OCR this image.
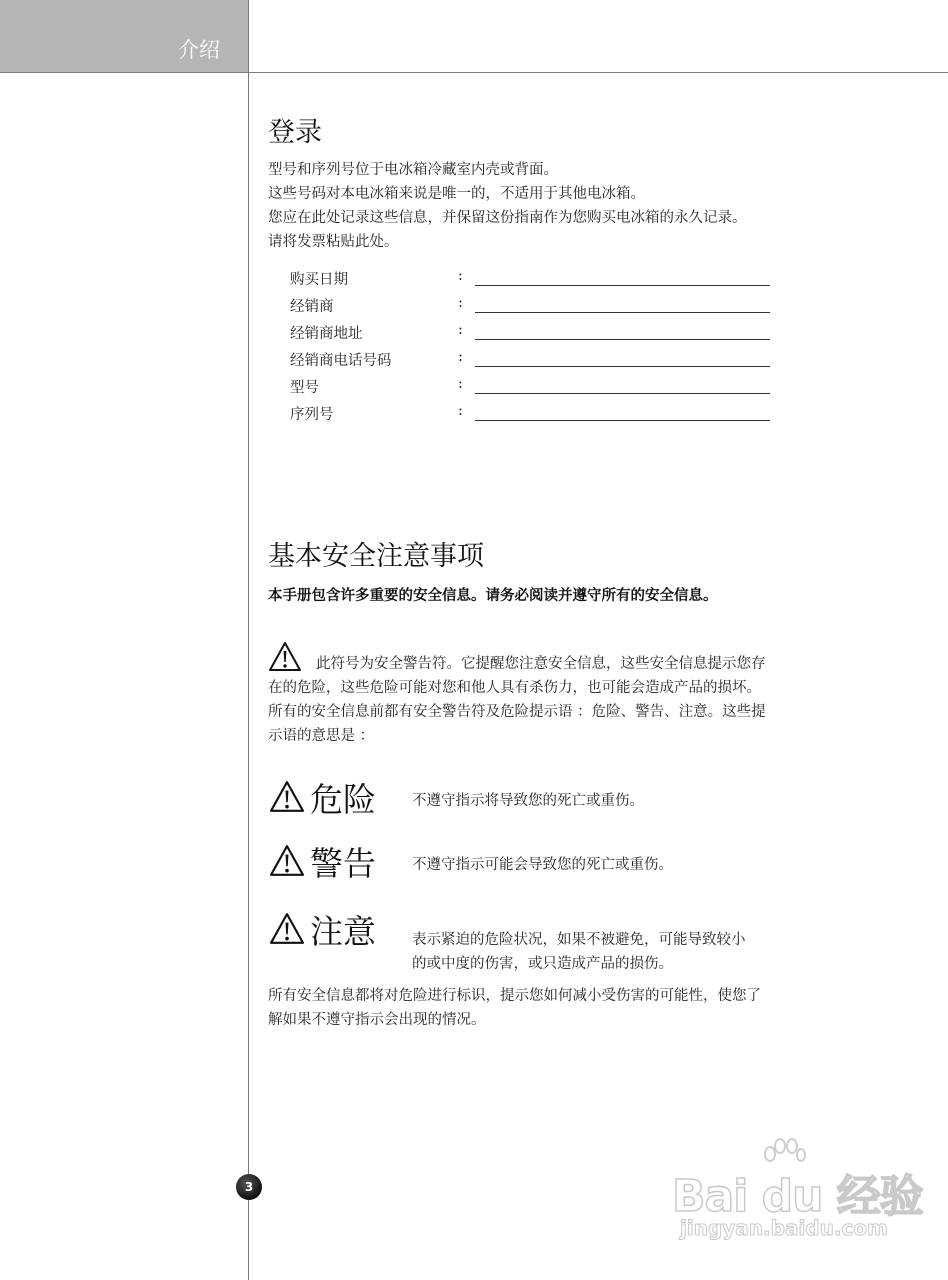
介绍
登录
型号和序列号位于电冰箱冷藏室内壳或背面。
这些号码对本电冰箱来说是唯一的，不适用于其他电冰箱。
您应在此处记录这些信息，并保留这份指南作为您购买电冰箱的永久记录。
请将发票粘贴此处。
购买日期	:
经销商	:
经销商地址	:
经销商电话号码	:
型号	:
序列号	:
基本安全注意事项
本手册包含许多重要的安全信息。请务必阅读并遵守所有的安全信息。
此符号为安全警告符。它提醒您注意安全信息，这些安全信息提示您存
在的危险，这些危险可能对您和他人具有杀伤力，也可能会造成产品的损坏。
所有的安全信息前都有安全警告符及危险提示语 ：危险、警告、注意。这些提
示语的意思是 ：
危险 不遵守指示将导致您的死亡或重伤。
警告 不遵守指示可能会导致您的死亡或重伤。
注意 表示紧迫的危险状况，如果不被避免，可能导致较小
的或中度的伤害，或只造成产品的损伤。
所有安全信息都将对危险进行标识，提示您如何减小受伤害的可能性，使您了
解如果不遵守指示会出现的情况。
3	Bai du 经验
jingyan.baidu.com
